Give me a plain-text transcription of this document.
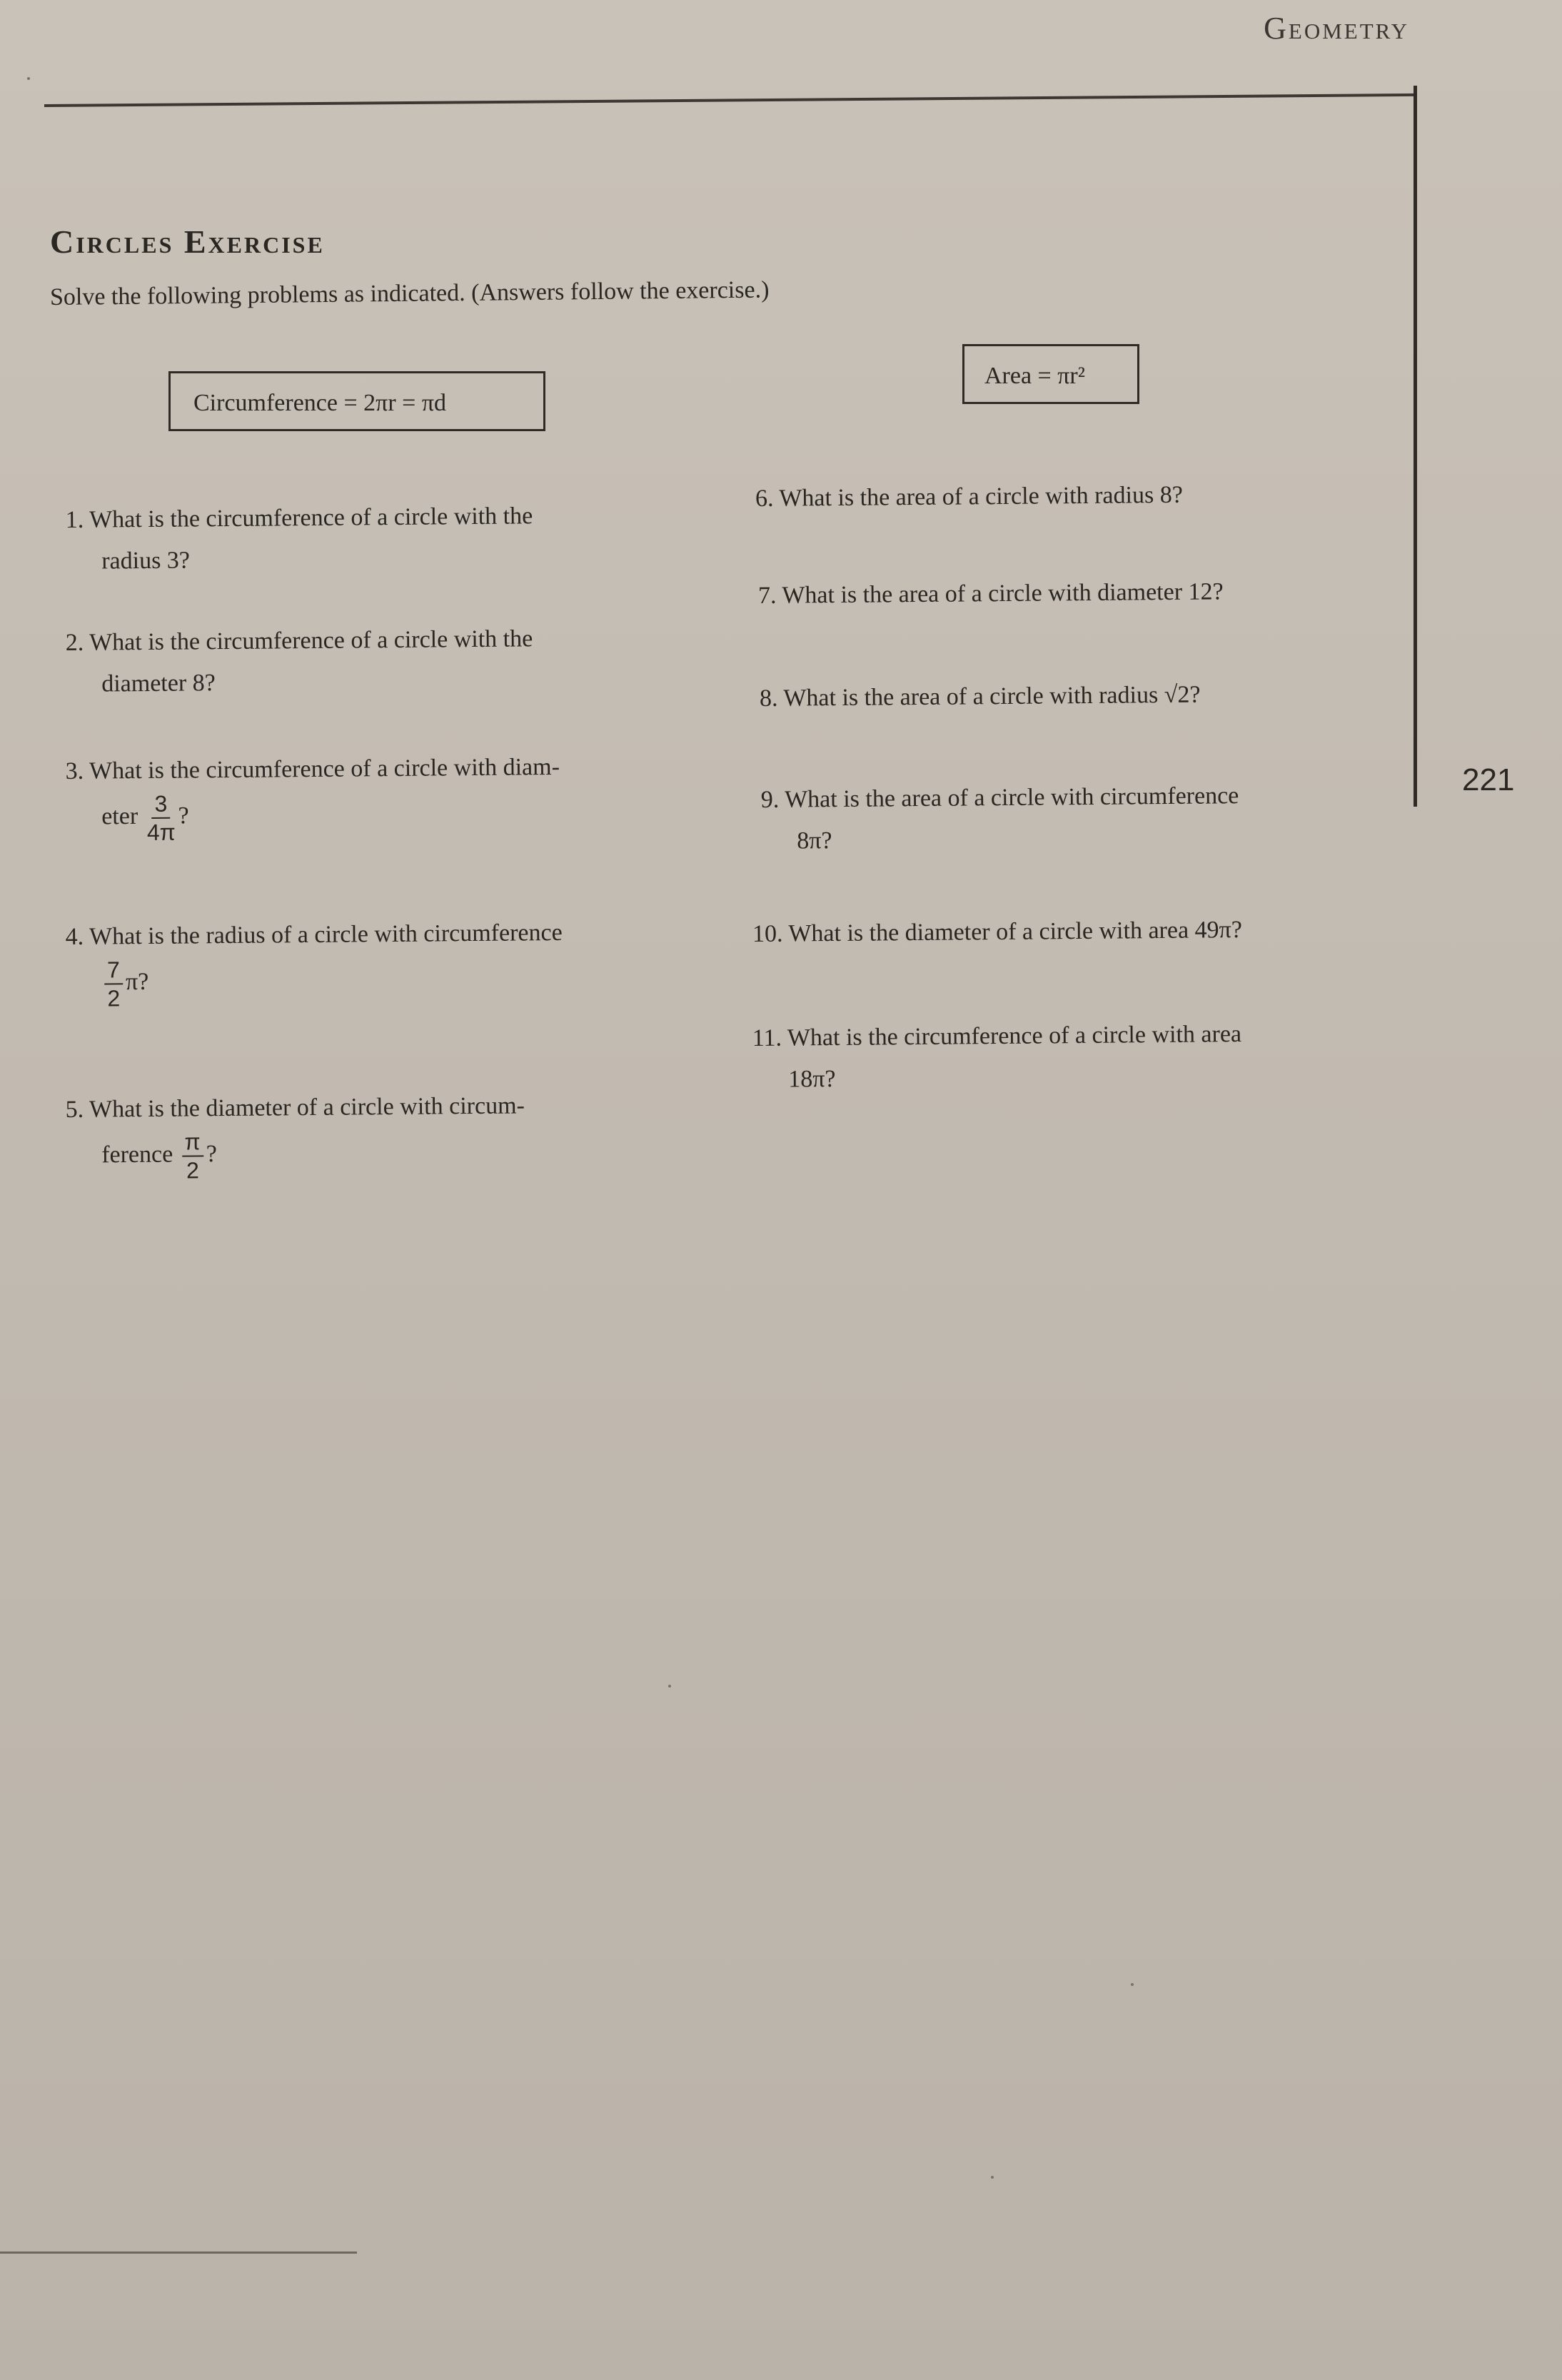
Geometry
221
Circles Exercise
Solve the following problems as indicated. (Answers follow the exercise.)
Circumference = 2πr = πd
Area = πr²
1. What is the circumference of a circle with the
radius 3?
2. What is the circumference of a circle with the
diameter 8?
3. What is the circumference of a circle with diam-
eter $\frac{3}{4\pi}$ ?
4. What is the radius of a circle with circumference
$\frac{7}{2} \pi$?
5. What is the diameter of a circle with circum-
ference $\frac{\pi}{2}$ ?
6. What is the area of a circle with radius 8?
7. What is the area of a circle with diameter 12?
8. What is the area of a circle with radius √2?
9. What is the area of a circle with circumference
8π?
10. What is the diameter of a circle with area 49π?
11. What is the circumference of a circle with area
18π?
